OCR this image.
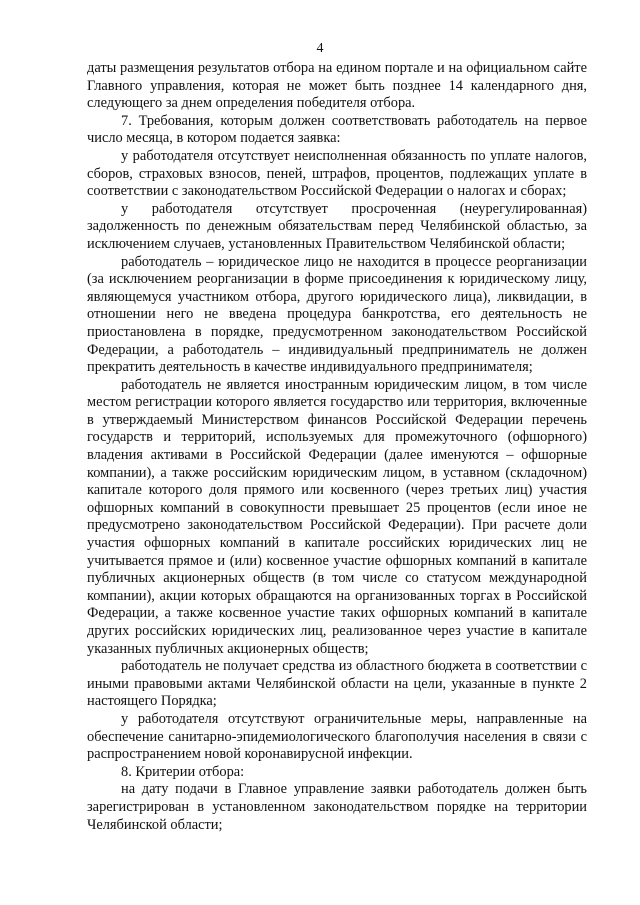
4

даты размещения результатов отбора на едином портале и на официальном сайте Главного управления, которая не может быть позднее 14 календарного дня, следующего за днем определения победителя отбора.

7. Требования, которым должен соответствовать работодатель на первое число месяца, в котором подается заявка:

у работодателя отсутствует неисполненная обязанность по уплате налогов, сборов, страховых взносов, пеней, штрафов, процентов, подлежащих уплате в соответствии с законодательством Российской Федерации о налогах и сборах;

у работодателя отсутствует просроченная (неурегулированная) задолженность по денежным обязательствам перед Челябинской областью, за исключением случаев, установленных Правительством Челябинской области;

работодатель – юридическое лицо не находится в процессе реорганизации (за исключением реорганизации в форме присоединения к юридическому лицу, являющемуся участником отбора, другого юридического лица), ликвидации, в отношении него не введена процедура банкротства, его деятельность не приостановлена в порядке, предусмотренном законодательством Российской Федерации, а работодатель – индивидуальный предприниматель не должен прекратить деятельность в качестве индивидуального предпринимателя;

работодатель не является иностранным юридическим лицом, в том числе местом регистрации которого является государство или территория, включенные в утверждаемый Министерством финансов Российской Федерации перечень государств и территорий, используемых для промежуточного (офшорного) владения активами в Российской Федерации (далее именуются – офшорные компании), а также российским юридическим лицом, в уставном (складочном) капитале которого доля прямого или косвенного (через третьих лиц) участия офшорных компаний в совокупности превышает 25 процентов (если иное не предусмотрено законодательством Российской Федерации). При расчете доли участия офшорных компаний в капитале российских юридических лиц не учитывается прямое и (или) косвенное участие офшорных компаний в капитале публичных акционерных обществ (в том числе со статусом международной компании), акции которых обращаются на организованных торгах в Российской Федерации, а также косвенное участие таких офшорных компаний в капитале других российских юридических лиц, реализованное через участие в капитале указанных публичных акционерных обществ;

работодатель не получает средства из областного бюджета в соответствии с иными правовыми актами Челябинской области на цели, указанные в пункте 2 настоящего Порядка;

у работодателя отсутствуют ограничительные меры, направленные на обеспечение санитарно-эпидемиологического благополучия населения в связи с распространением новой коронавирусной инфекции.

8. Критерии отбора:

на дату подачи в Главное управление заявки работодатель должен быть зарегистрирован в установленном законодательством порядке на территории Челябинской области;
